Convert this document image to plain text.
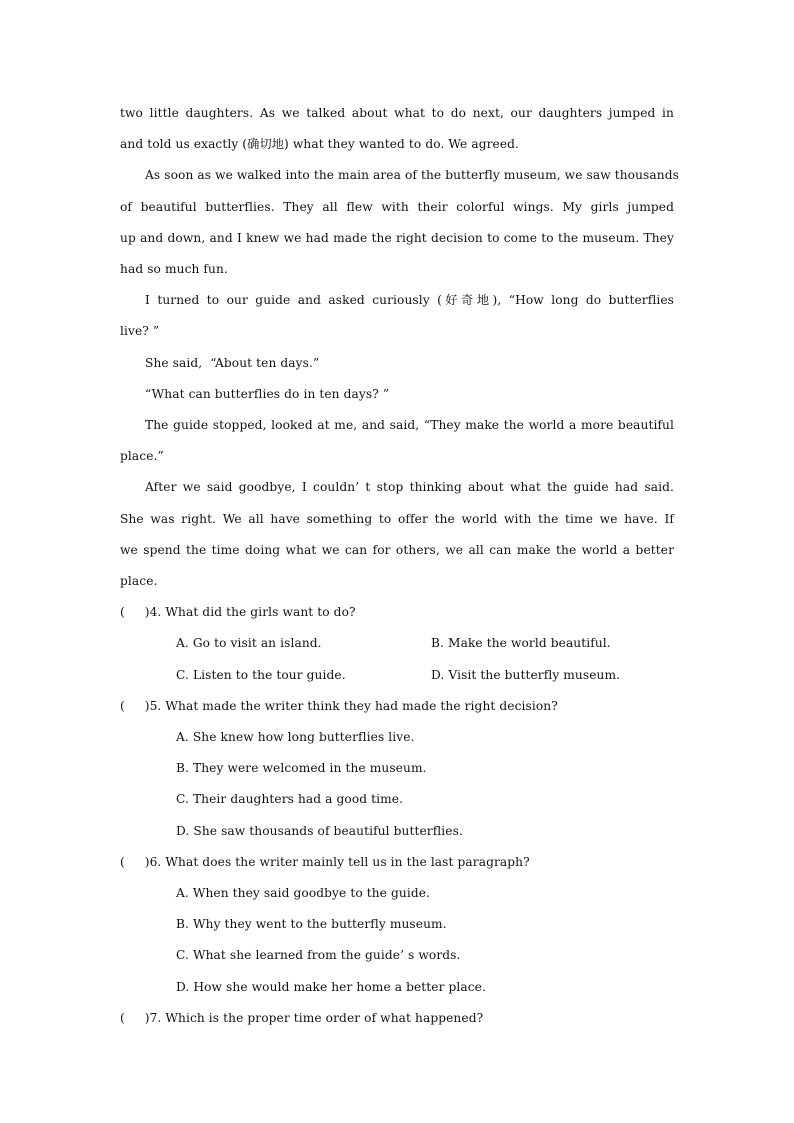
two little daughters. As we talked about what to do next, our daughters jumped in
and told us exactly (确切地) what they wanted to do. We agreed.
As soon as we walked into the main area of the butterfly museum, we saw thousands
of beautiful butterflies. They all flew with their colorful wings. My girls jumped
up and down, and I knew we had made the right decision to come to the museum. They
had so much fun.
I turned to our guide and asked curiously (好奇地), “How long do butterflies
live? ”
She said,  “About ten days.”
“What can butterflies do in ten days? ”
The guide stopped, looked at me, and said, “They make the world a more beautiful
place.”
After we said goodbye, I couldn’ t stop thinking about what the guide had said.
She was right. We all have something to offer the world with the time we have. If
we spend the time doing what we can for others, we all can make the world a better
place.
(     )4. What did the girls want to do?
A. Go to visit an island.	B. Make the world beautiful.
C. Listen to the tour guide.	D. Visit the butterfly museum.
(     )5. What made the writer think they had made the right decision?
A. She knew how long butterflies live.
B. They were welcomed in the museum.
C. Their daughters had a good time.
D. She saw thousands of beautiful butterflies.
(     )6. What does the writer mainly tell us in the last paragraph?
A. When they said goodbye to the guide.
B. Why they went to the butterfly museum.
C. What she learned from the guide’ s words.
D. How she would make her home a better place.
(     )7. Which is the proper time order of what happened?
